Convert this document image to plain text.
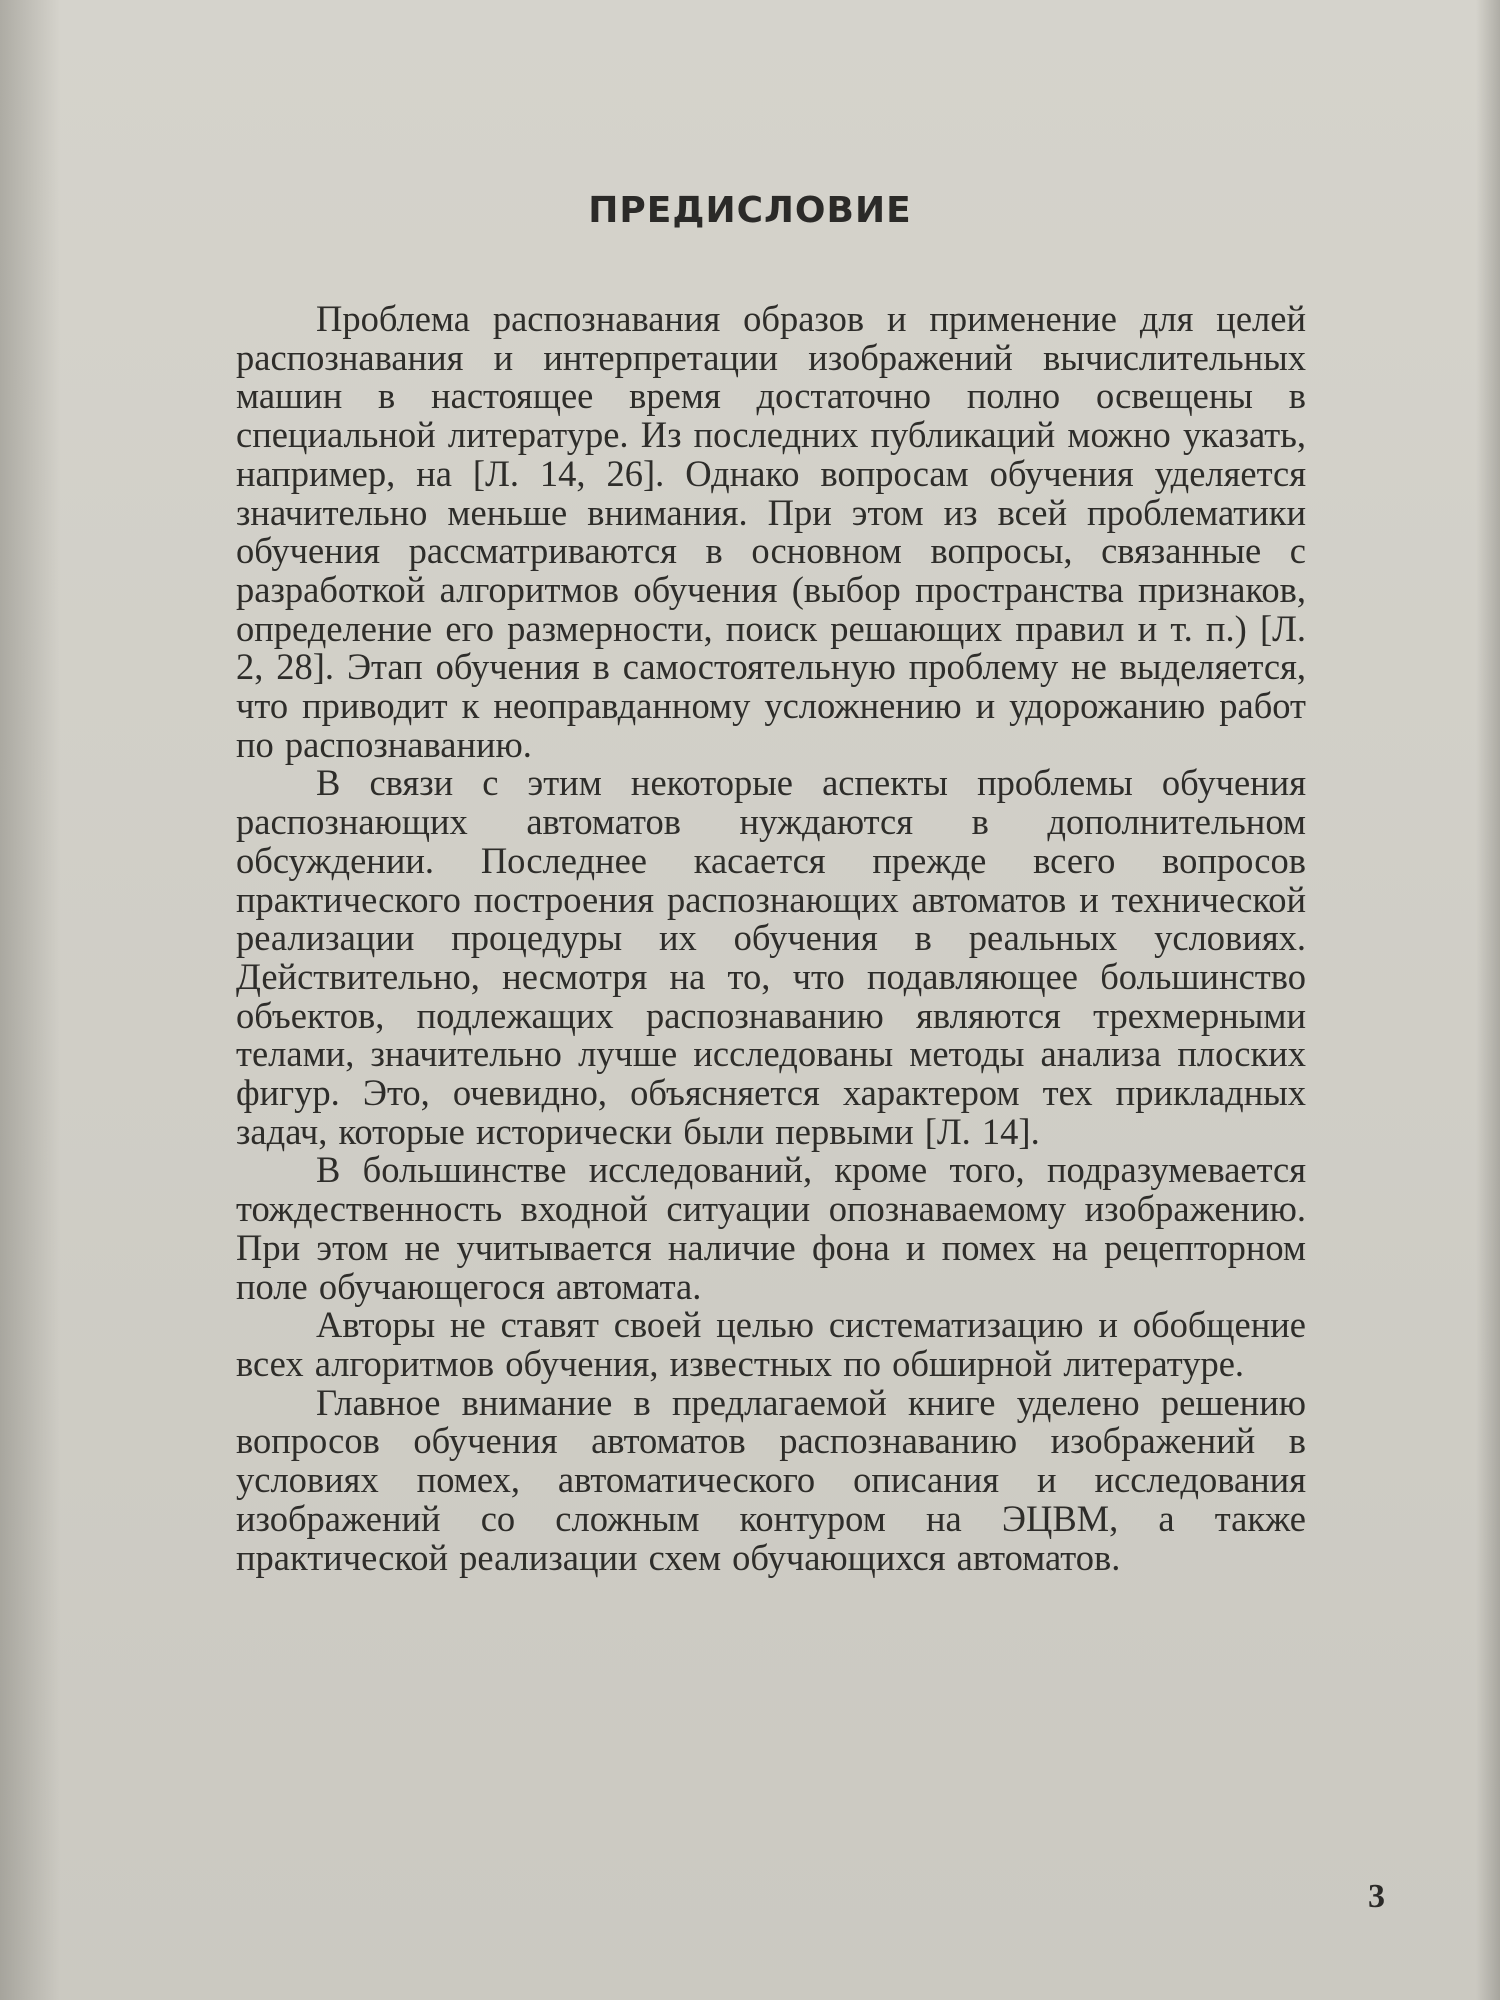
ПРЕДИСЛОВИЕ

Проблема распознавания образов и применение для целей распознавания и интерпретации изображений вычислительных машин в настоящее время достаточно полно освещены в специальной литературе. Из последних публикаций можно указать, например, на [Л. 14, 26]. Однако вопросам обучения уделяется значительно меньше внимания. При этом из всей проблематики обучения рассматриваются в основном вопросы, связанные с разработкой алгоритмов обучения (выбор пространства признаков, определение его размерности, поиск решающих правил и т. п.) [Л. 2, 28]. Этап обучения в самостоятельную проблему не выделяется, что приводит к неоправданному усложнению и удорожанию работ по распознаванию.

В связи с этим некоторые аспекты проблемы обучения распознающих автоматов нуждаются в дополнительном обсуждении. Последнее касается прежде всего вопросов практического построения распознающих автоматов и технической реализации процедуры их обучения в реальных условиях. Действительно, несмотря на то, что подавляющее большинство объектов, подлежащих распознаванию являются трехмерными телами, значительно лучше исследованы методы анализа плоских фигур. Это, очевидно, объясняется характером тех прикладных задач, которые исторически были первыми [Л. 14].

В большинстве исследований, кроме того, подразумевается тождественность входной ситуации опознаваемому изображению. При этом не учитывается наличие фона и помех на рецепторном поле обучающегося автомата.

Авторы не ставят своей целью систематизацию и обобщение всех алгоритмов обучения, известных по обширной литературе.

Главное внимание в предлагаемой книге уделено решению вопросов обучения автоматов распознаванию изображений в условиях помех, автоматического описания и исследования изображений со сложным контуром на ЭЦВМ, а также практической реализации схем обучающихся автоматов.

3
